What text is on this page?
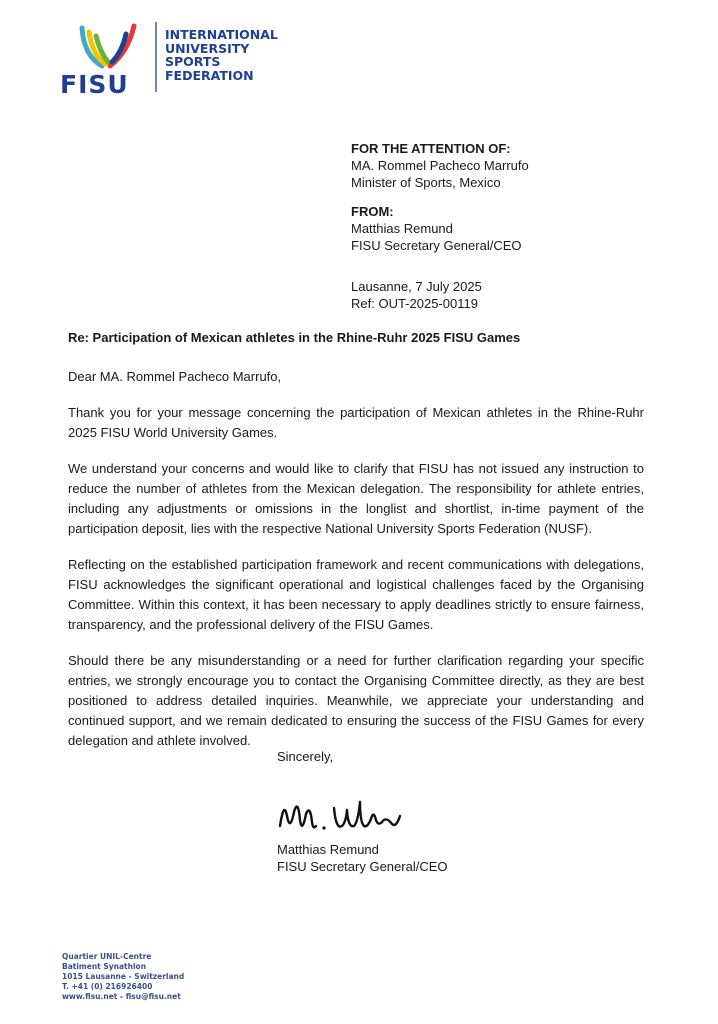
FISU
INTERNATIONAL
UNIVERSITY
SPORTS
FEDERATION
FOR THE ATTENTION OF:
MA. Rommel Pacheco Marrufo
Minister of Sports, Mexico
FROM:
Matthias Remund
FISU Secretary General/CEO
Lausanne, 7 July 2025
Ref: OUT-2025-00119
Re: Participation of Mexican athletes in the Rhine-Ruhr 2025 FISU Games

Dear MA. Rommel Pacheco Marrufo,

Thank you for your message concerning the participation of Mexican athletes in the Rhine-Ruhr 2025 FISU World University Games.

We understand your concerns and would like to clarify that FISU has not issued any instruction to reduce the number of athletes from the Mexican delegation. The responsibility for athlete entries, including any adjustments or omissions in the longlist and shortlist, in-time payment of the participation deposit, lies with the respective National University Sports Federation (NUSF).

Reflecting on the established participation framework and recent communications with delegations, FISU acknowledges the significant operational and logistical challenges faced by the Organising Committee. Within this context, it has been necessary to apply deadlines strictly to ensure fairness, transparency, and the professional delivery of the FISU Games.

Should there be any misunderstanding or a need for further clarification regarding your specific entries, we strongly encourage you to contact the Organising Committee directly, as they are best positioned to address detailed inquiries. Meanwhile, we appreciate your understanding and continued support, and we remain dedicated to ensuring the success of the FISU Games for every delegation and athlete involved.

Sincerely,
Matthias Remund
FISU Secretary General/CEO
Quartier UNIL-Centre
Batiment Synathlon
1015 Lausanne - Switzerland
T. +41 (0) 216926400
www.fisu.net - fisu@fisu.net
